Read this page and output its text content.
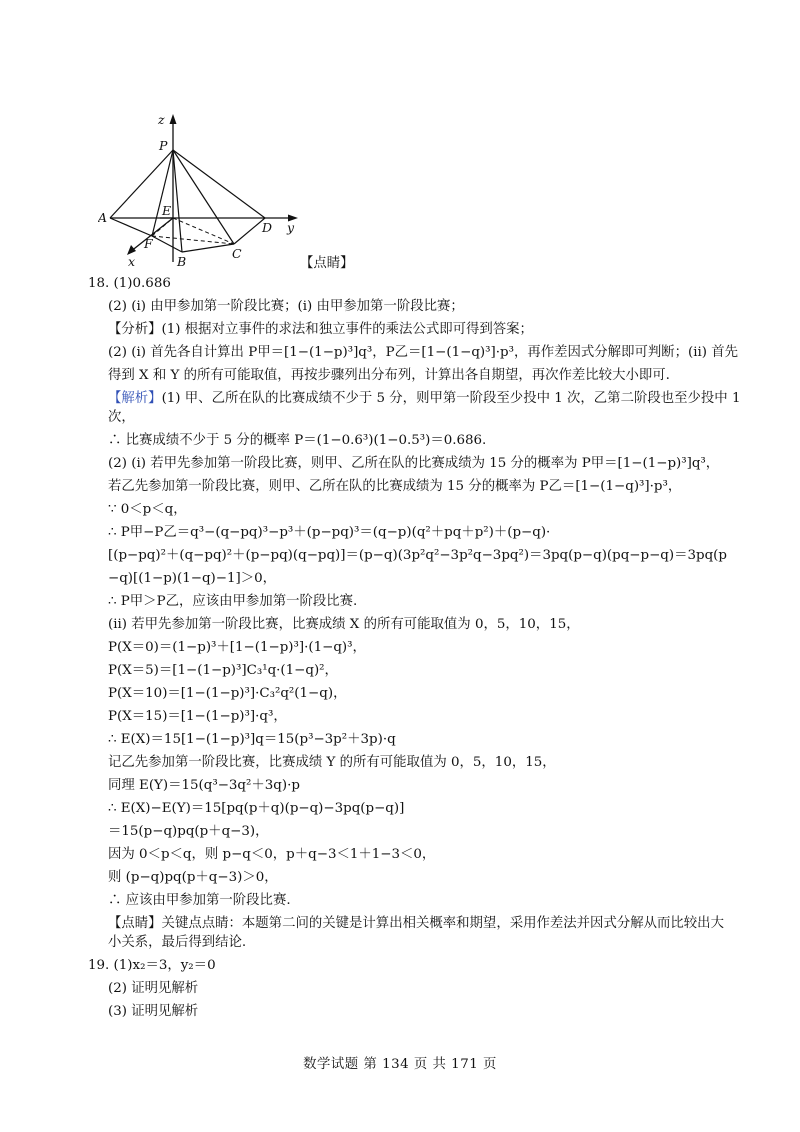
z
P
A	E
D y
F
x	B
C
【点睛】
18. (1)0.686
(2) (i) 由甲参加第一阶段比赛；(i) 由甲参加第一阶段比赛；
【分析】(1) 根据对立事件的求法和独立事件的乘法公式即可得到答案；
(2) (i) 首先各自计算出 P甲＝[1−(1−p)³]q³，P乙＝[1−(1−q)³]·p³，再作差因式分解即可判断；(ii) 首先
得到 X 和 Y 的所有可能取值，再按步骤列出分布列，计算出各自期望，再次作差比较大小即可.
【解析】(1) 甲、乙所在队的比赛成绩不少于 5 分，则甲第一阶段至少投中 1 次，乙第二阶段也至少投中 1
次，
∴ 比赛成绩不少于 5 分的概率 P＝(1−0.6³)(1−0.5³)＝0.686.
(2) (i) 若甲先参加第一阶段比赛，则甲、乙所在队的比赛成绩为 15 分的概率为 P甲＝[1−(1−p)³]q³，
若乙先参加第一阶段比赛，则甲、乙所在队的比赛成绩为 15 分的概率为 P乙＝[1−(1−q)³]·p³，
∵ 0＜p＜q，
∴ P甲−P乙＝q³−(q−pq)³−p³＋(p−pq)³＝(q−p)(q²＋pq＋p²)＋(p−q)·
[(p−pq)²＋(q−pq)²＋(p−pq)(q−pq)]＝(p−q)(3p²q²−3p²q−3pq²)＝3pq(p−q)(pq−p−q)＝3pq(p
−q)[(1−p)(1−q)−1]＞0，
∴ P甲＞P乙，应该由甲参加第一阶段比赛.
(ii) 若甲先参加第一阶段比赛，比赛成绩 X 的所有可能取值为 0，5，10，15，
P(X＝0)＝(1−p)³＋[1−(1−p)³]·(1−q)³，
P(X＝5)＝[1−(1−p)³]C₃¹q·(1−q)²，
P(X＝10)＝[1−(1−p)³]·C₃²q²(1−q)，
P(X＝15)＝[1−(1−p)³]·q³，
∴ E(X)＝15[1−(1−p)³]q＝15(p³−3p²＋3p)·q
记乙先参加第一阶段比赛，比赛成绩 Y 的所有可能取值为 0，5，10，15，
同理 E(Y)＝15(q³−3q²＋3q)·p
∴ E(X)−E(Y)＝15[pq(p＋q)(p−q)−3pq(p−q)]
＝15(p−q)pq(p＋q−3)，
因为 0＜p＜q，则 p−q＜0，p＋q−3＜1＋1−3＜0，
则 (p−q)pq(p＋q−3)＞0，
∴ 应该由甲参加第一阶段比赛.
【点睛】关键点点睛：本题第二问的关键是计算出相关概率和期望，采用作差法并因式分解从而比较出大
小关系，最后得到结论.
19. (1)x₂＝3，y₂＝0
(2) 证明见解析
(3) 证明见解析
数学试题 第 134 页 共 171 页
